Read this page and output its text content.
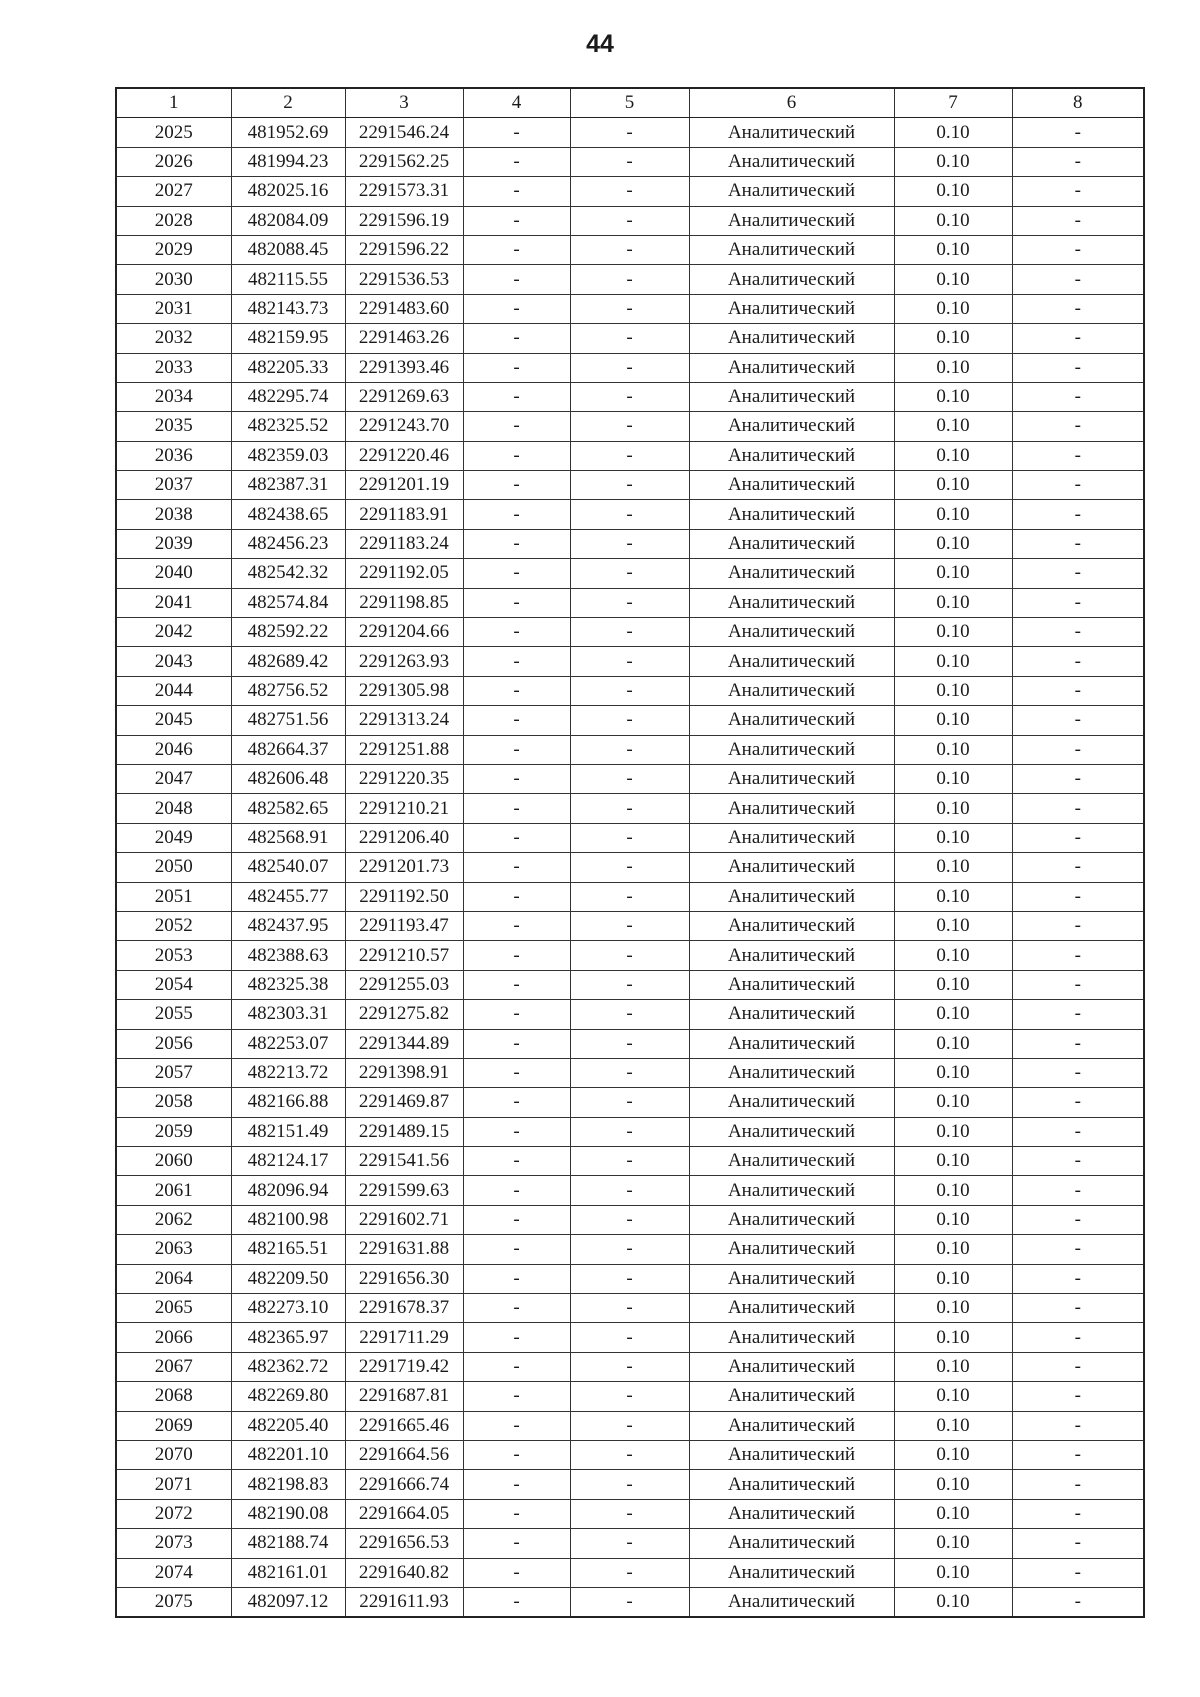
44
1	2	3	4	5	6	7	8
2025	481952.69	2291546.24	-	-	Аналитический	0.10	-
2026	481994.23	2291562.25	-	-	Аналитический	0.10	-
2027	482025.16	2291573.31	-	-	Аналитический	0.10	-
2028	482084.09	2291596.19	-	-	Аналитический	0.10	-
2029	482088.45	2291596.22	-	-	Аналитический	0.10	-
2030	482115.55	2291536.53	-	-	Аналитический	0.10	-
2031	482143.73	2291483.60	-	-	Аналитический	0.10	-
2032	482159.95	2291463.26	-	-	Аналитический	0.10	-
2033	482205.33	2291393.46	-	-	Аналитический	0.10	-
2034	482295.74	2291269.63	-	-	Аналитический	0.10	-
2035	482325.52	2291243.70	-	-	Аналитический	0.10	-
2036	482359.03	2291220.46	-	-	Аналитический	0.10	-
2037	482387.31	2291201.19	-	-	Аналитический	0.10	-
2038	482438.65	2291183.91	-	-	Аналитический	0.10	-
2039	482456.23	2291183.24	-	-	Аналитический	0.10	-
2040	482542.32	2291192.05	-	-	Аналитический	0.10	-
2041	482574.84	2291198.85	-	-	Аналитический	0.10	-
2042	482592.22	2291204.66	-	-	Аналитический	0.10	-
2043	482689.42	2291263.93	-	-	Аналитический	0.10	-
2044	482756.52	2291305.98	-	-	Аналитический	0.10	-
2045	482751.56	2291313.24	-	-	Аналитический	0.10	-
2046	482664.37	2291251.88	-	-	Аналитический	0.10	-
2047	482606.48	2291220.35	-	-	Аналитический	0.10	-
2048	482582.65	2291210.21	-	-	Аналитический	0.10	-
2049	482568.91	2291206.40	-	-	Аналитический	0.10	-
2050	482540.07	2291201.73	-	-	Аналитический	0.10	-
2051	482455.77	2291192.50	-	-	Аналитический	0.10	-
2052	482437.95	2291193.47	-	-	Аналитический	0.10	-
2053	482388.63	2291210.57	-	-	Аналитический	0.10	-
2054	482325.38	2291255.03	-	-	Аналитический	0.10	-
2055	482303.31	2291275.82	-	-	Аналитический	0.10	-
2056	482253.07	2291344.89	-	-	Аналитический	0.10	-
2057	482213.72	2291398.91	-	-	Аналитический	0.10	-
2058	482166.88	2291469.87	-	-	Аналитический	0.10	-
2059	482151.49	2291489.15	-	-	Аналитический	0.10	-
2060	482124.17	2291541.56	-	-	Аналитический	0.10	-
2061	482096.94	2291599.63	-	-	Аналитический	0.10	-
2062	482100.98	2291602.71	-	-	Аналитический	0.10	-
2063	482165.51	2291631.88	-	-	Аналитический	0.10	-
2064	482209.50	2291656.30	-	-	Аналитический	0.10	-
2065	482273.10	2291678.37	-	-	Аналитический	0.10	-
2066	482365.97	2291711.29	-	-	Аналитический	0.10	-
2067	482362.72	2291719.42	-	-	Аналитический	0.10	-
2068	482269.80	2291687.81	-	-	Аналитический	0.10	-
2069	482205.40	2291665.46	-	-	Аналитический	0.10	-
2070	482201.10	2291664.56	-	-	Аналитический	0.10	-
2071	482198.83	2291666.74	-	-	Аналитический	0.10	-
2072	482190.08	2291664.05	-	-	Аналитический	0.10	-
2073	482188.74	2291656.53	-	-	Аналитический	0.10	-
2074	482161.01	2291640.82	-	-	Аналитический	0.10	-
2075	482097.12	2291611.93	-	-	Аналитический	0.10	-
